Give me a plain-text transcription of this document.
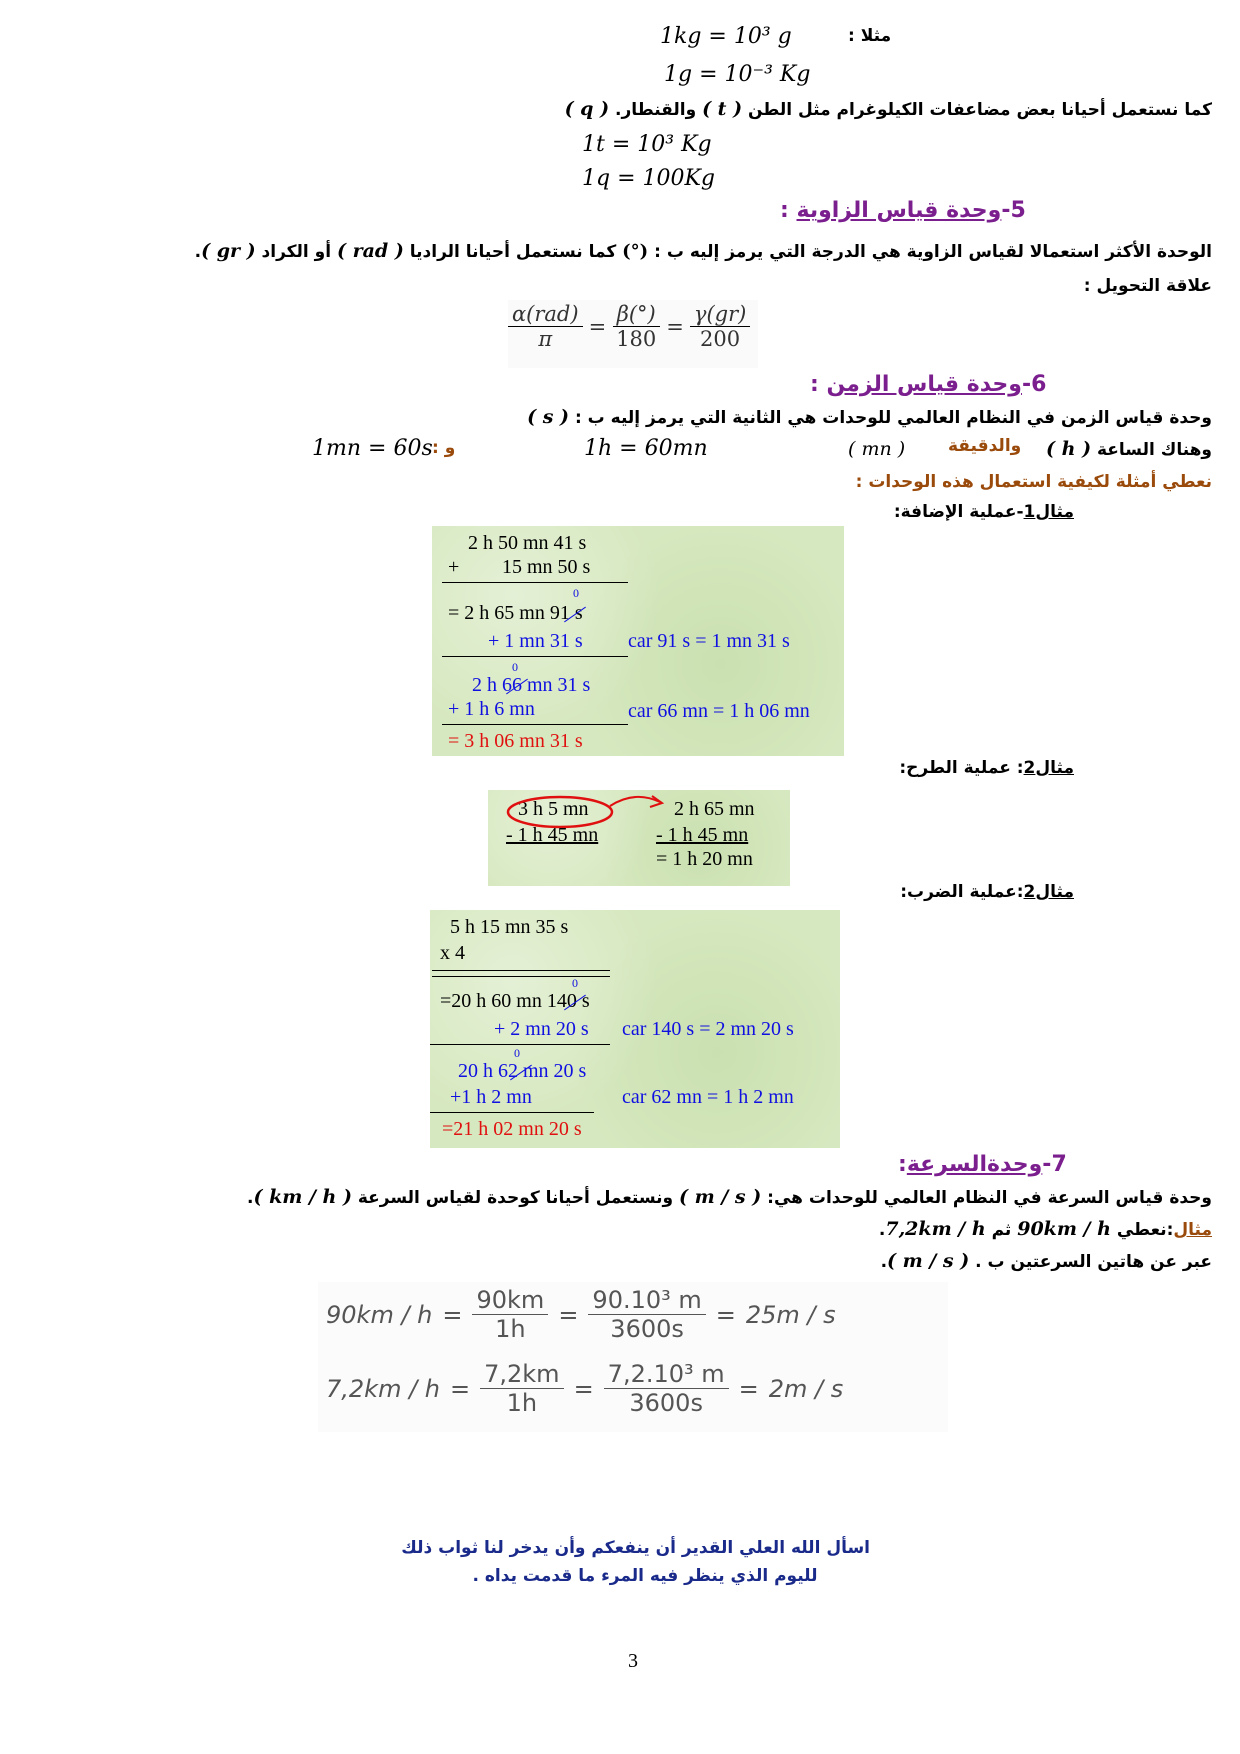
1kg = 10³ g	مثلا :
1g = 10⁻³ Kg
كما نستعمل أحيانا بعض مضاعفات الكيلوغرام مثل الطن ( t ) والقنطار. ( q )
1t = 10³ Kg
1q = 100Kg
5-وحدة قياس الزاوية :
الوحدة الأكثر استعمالا لقياس الزاوية هي الدرجة التي يرمز إليه ب : (°) كما نستعمل أحيانا الراديا ( rad ) أو الكراد ( gr ).
علاقة التحويل :
$\frac{\text{α(rad)}}{\pi} = \frac{\beta(^\circ)}{180} = \frac{\gamma(gr)}{200}$
6-وحدة قياس الزمن :
وحدة قياس الزمن في النظام العالمي للوحدات هي الثانية التي يرمز إليه ب : ( s )
وهناك الساعة ( h )
والدقيقة
( mn )
1h = 60mn
و :
1mn = 60s
نعطي أمثلة لكيفية استعمال هذه الوحدات :
مثال1-عملية الإضافة:
2 h 50 mn 41 s
+ 15 mn 50 s
0
= 2 h 65 mn 91 s
+ 1 mn 31 s car 91 s = 1 mn 31 s
0
2 h 66 mn 31 s
+ 1 h 6 mn	car 66 mn = 1 h 06 mn
= 3 h 06 mn 31 s
مثال2: عملية الطرح:
3 h 5 mn
- 1 h 45 mn
2 h 65 mn
- 1 h 45 mn
= 1 h 20 mn
مثال2:عملية الضرب:
5 h 15 mn 35 s
x 4
0
=20 h 60 mn 140 s
+ 2 mn 20 s car 140 s = 2 mn 20 s
0
20 h 62 mn 20 s
+1 h 2 mn	car 62 mn = 1 h 2 mn
=21 h 02 mn 20 s
7-وحدةالسرعة:
وحدة قياس السرعة في النظام العالمي للوحدات هي: ( m / s ) ونستعمل أحيانا كوحدة لقياس السرعة ( km / h ).
مثال:نعطي 90km / h ثم 7,2km / h.
عبر عن هاتين السرعتين ب . ( m / s ).
$90km / h = \frac{90km}{1h} = \frac{\text{90.10³ m}}{3600s} = 25m / s$
$7,2km / h = \frac{7,2km}{1h} = \frac{\text{7,2.10³ m}}{3600s} = 2m / s$
اسأل الله العلي القدير أن ينفعكم وأن يدخر لنا ثواب ذلك
لليوم الذي ينظر فيه المرء ما قدمت يداه .
3
